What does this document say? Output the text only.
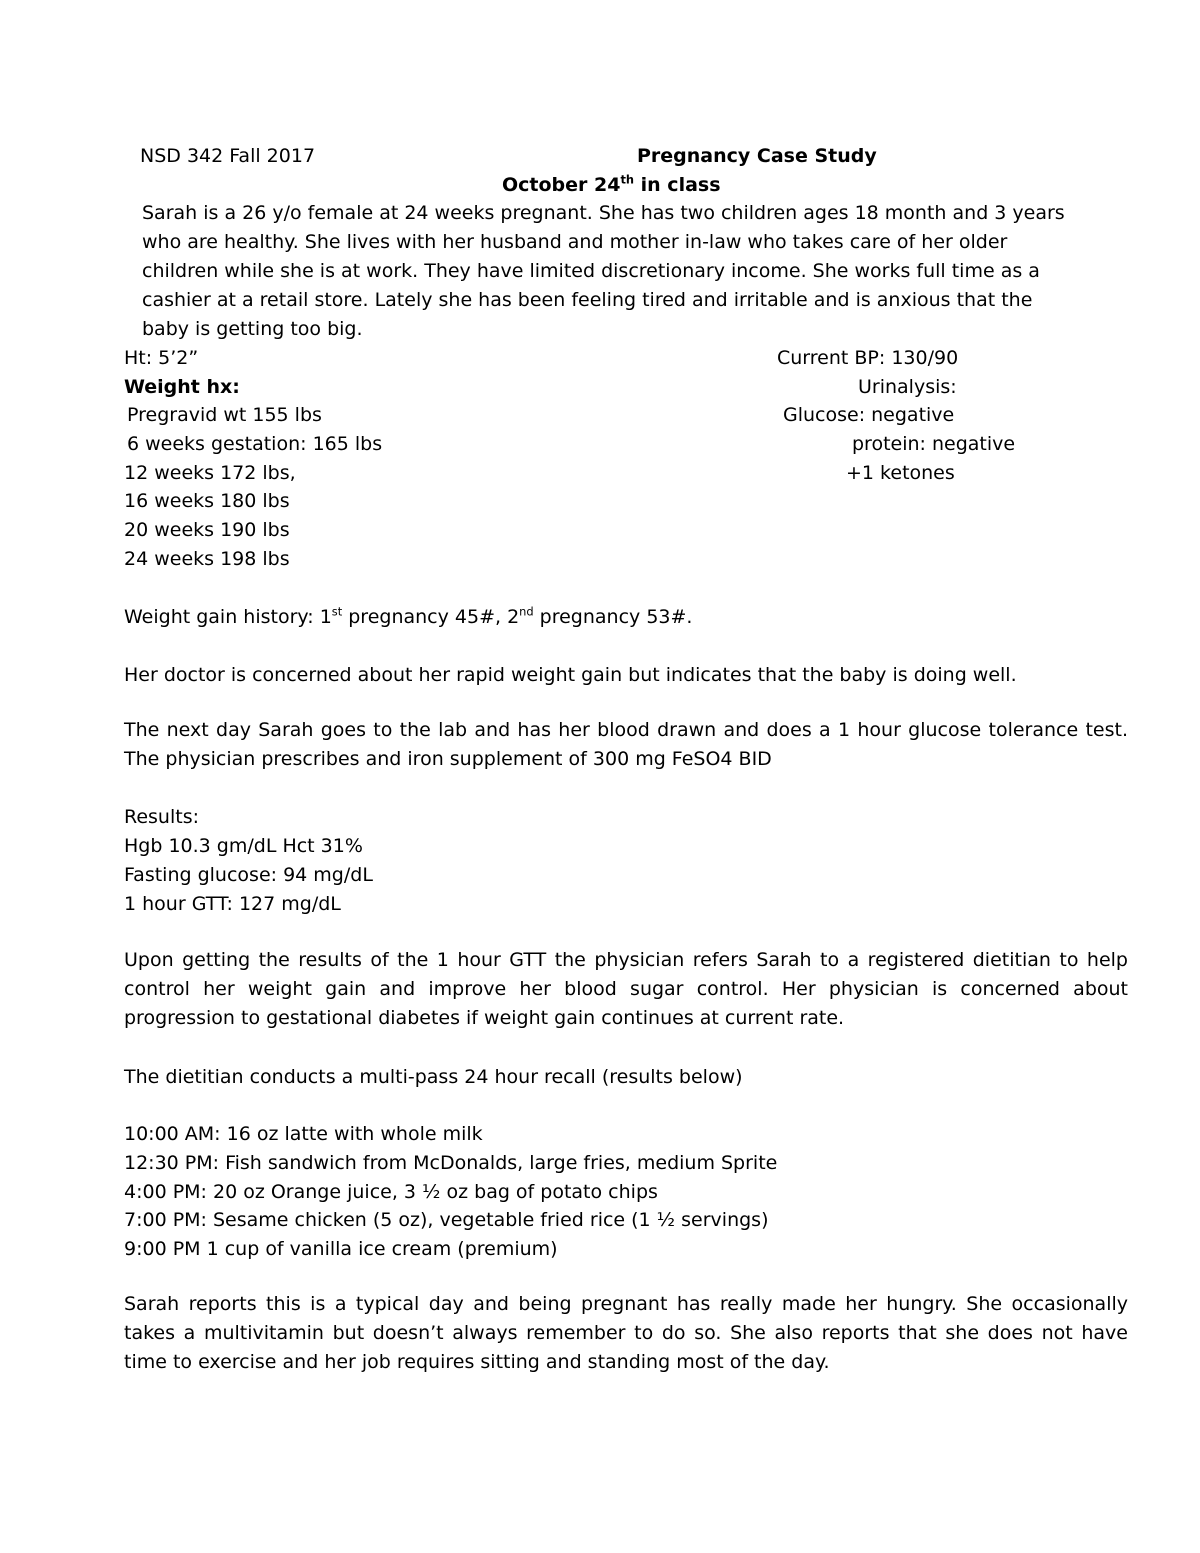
NSD 342 Fall 2017	Pregnancy Case Study
October 24th in class
Sarah is a 26 y/o female at 24 weeks pregnant. She has two children ages 18 month and 3 years
who are healthy. She lives with her husband and mother in-law who takes care of her older
children while she is at work. They have limited discretionary income. She works full time as a
cashier at a retail store. Lately she has been feeling tired and irritable and is anxious that the
baby is getting too big.
Ht: 5’2”	Current BP: 130/90
Weight hx:	Urinalysis:
Pregravid wt 155 lbs
6 weeks gestation: 165 lbs
12 weeks 172 lbs,
16 weeks 180 lbs
20 weeks 190 lbs
24 weeks 198 lbs
Glucose: negative
protein: negative
+1 ketones
Weight gain history: 1st pregnancy 45#, 2nd pregnancy 53#.
Her doctor is concerned about her rapid weight gain but indicates that the baby is doing well.
The next day Sarah goes to the lab and has her blood drawn and does a 1 hour glucose tolerance test. The physician prescribes and iron supplement of 300 mg FeSO4 BID
Results:
Hgb 10.3 gm/dL Hct 31%
Fasting glucose: 94 mg/dL
1 hour GTT: 127 mg/dL
Upon getting the results of the 1 hour GTT the physician refers Sarah to a registered dietitian to help control her weight gain and improve her blood sugar control. Her physician is concerned about progression to gestational diabetes if weight gain continues at current rate.
The dietitian conducts a multi-pass 24 hour recall (results below)
10:00 AM: 16 oz latte with whole milk
12:30 PM: Fish sandwich from McDonalds, large fries, medium Sprite
4:00 PM: 20 oz Orange juice, 3 ½ oz bag of potato chips
7:00 PM: Sesame chicken (5 oz), vegetable fried rice (1 ½ servings)
9:00 PM 1 cup of vanilla ice cream (premium)
Sarah reports this is a typical day and being pregnant has really made her hungry. She occasionally takes a multivitamin but doesn’t always remember to do so. She also reports that she does not have time to exercise and her job requires sitting and standing most of the day.
